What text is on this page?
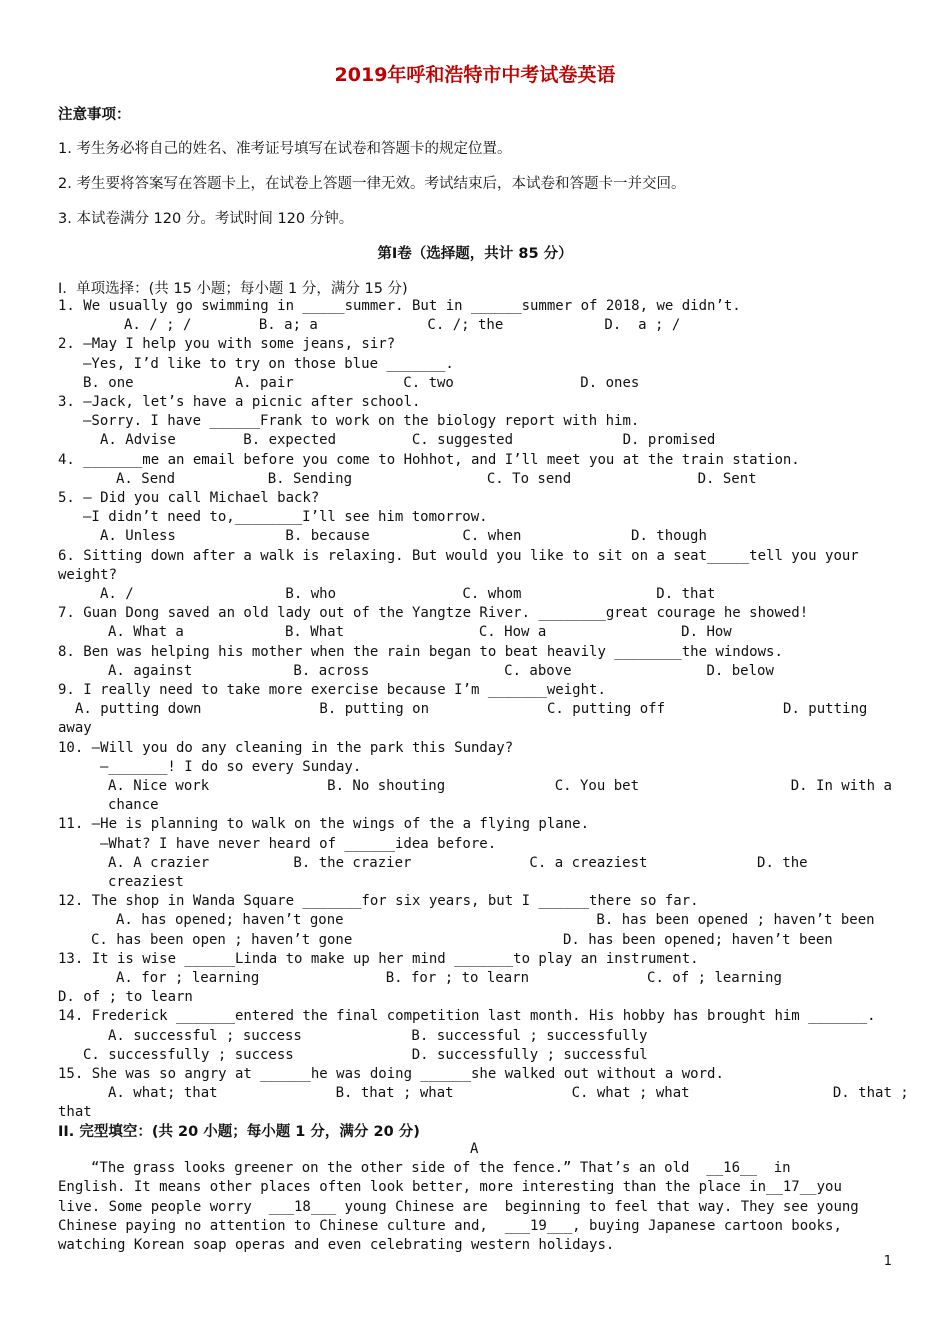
2019年呼和浩特市中考试卷英语
注意事项：
1. 考生务必将自己的姓名、准考证号填写在试卷和答题卡的规定位置。
2. 考生要将答案写在答题卡上，在试卷上答题一律无效。考试结束后，本试卷和答题卡一并交回。
3. 本试卷满分 120 分。考试时间 120 分钟。
第Ⅰ卷（选择题，共计 85 分）
I.  单项选择：(共 15 小题；每小题 1 分，满分 15 分)
1. We usually go swimming in _____summer. But in ______summer of 2018, we didn’t.
A. / ; /        B. a; a             C. /; the            D.  a ; /
2. —May I help you with some jeans, sir?
—Yes, I’d like to try on those blue _______.
B. one            A. pair             C. two               D. ones
3. —Jack, let’s have a picnic after school.
—Sorry. I have ______Frank to work on the biology report with him.
A. Advise        B. expected         C. suggested             D. promised
4. _______me an email before you come to Hohhot, and I’ll meet you at the train station.
A. Send           B. Sending                C. To send               D. Sent
5. — Did you call Michael back?
—I didn’t need to,________I’ll see him tomorrow.
A. Unless             B. because           C. when             D. though
6. Sitting down after a walk is relaxing. But would you like to sit on a seat_____tell you your
weight?
A. /                  B. who               C. whom                D. that
7. Guan Dong saved an old lady out of the Yangtze River. ________great courage he showed!
A. What a            B. What                C. How a                D. How
8. Ben was helping his mother when the rain began to beat heavily ________the windows.
A. against            B. across                C. above                D. below
9. I really need to take more exercise because I’m _______weight.
A. putting down              B. putting on              C. putting off              D. putting
away
10. —Will you do any cleaning in the park this Sunday?
—_______! I do so every Sunday.
A. Nice work              B. No shouting             C. You bet                  D. In with a
chance
11. —He is planning to walk on the wings of the a flying plane.
—What? I have never heard of ______idea before.
A. A crazier          B. the crazier              C. a creaziest             D. the
creaziest
12. The shop in Wanda Square _______for six years, but I ______there so far.
A. has opened; haven’t gone                              B. has been opened ; haven’t been
C. has been open ; haven’t gone                         D. has been opened; haven’t been
13. It is wise ______Linda to make up her mind _______to play an instrument.
A. for ; learning               B. for ; to learn              C. of ; learning
D. of ; to learn
14. Frederick _______entered the final competition last month. His hobby has brought him _______.
A. successful ; success             B. successful ; successfully
C. successfully ; success              D. successfully ; successful
15. She was so angry at ______he was doing ______she walked out without a word.
A. what; that              B. that ; what              C. what ; what                 D. that ;
that
II. 完型填空：(共 20 小题；每小题 1 分，满分 20 分)
A
“The grass looks greener on the other side of the fence.” That’s an old  __16__  in
English. It means other places often look better, more interesting than the place in__17__you
live. Some people worry  ___18___ young Chinese are  beginning to feel that way. They see young
Chinese paying no attention to Chinese culture and,  ___19___, buying Japanese cartoon books,
watching Korean soap operas and even celebrating western holidays.
1
